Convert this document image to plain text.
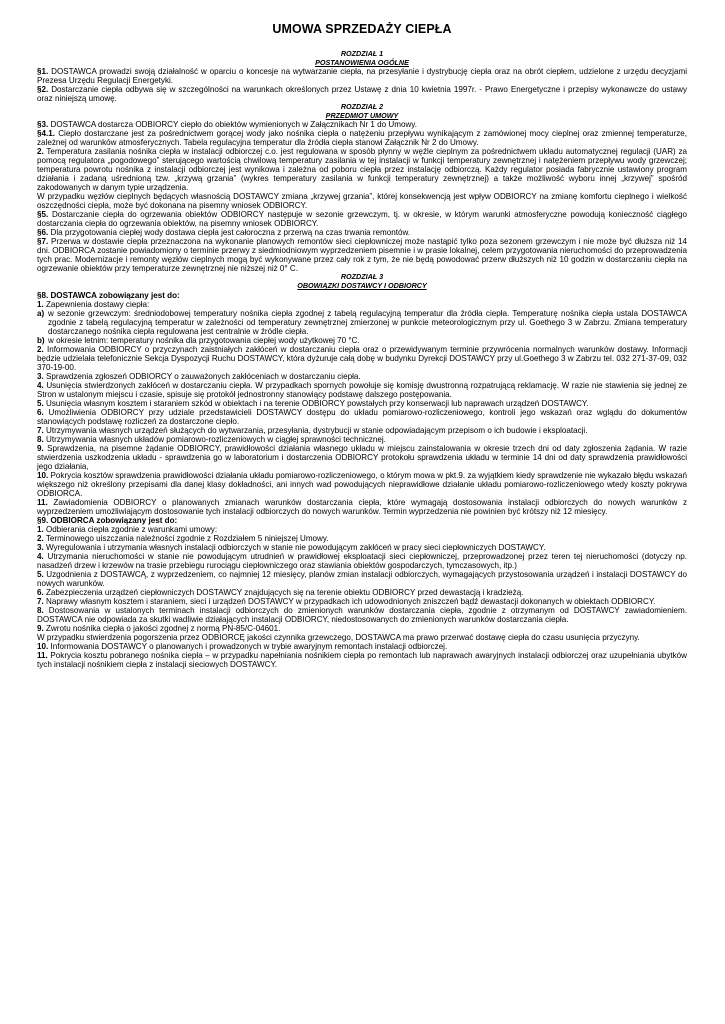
UMOWA SPRZEDAŻY CIEPŁA
ROZDZIAŁ 1
POSTANOWIENIA OGÓLNE

§1. DOSTAWCA prowadzi swoją działalność w oparciu o koncesje na wytwarzanie ciepła, na przesyłanie i dystrybucję ciepła oraz na obrót ciepłem, udzielone z urzędu decyzjami Prezesa Urzędu Regulacji Energetyki.

§2. Dostarczanie ciepła odbywa się w szczególności na warunkach określonych przez Ustawę z dnia 10 kwietnia 1997r. - Prawo Energetyczne i przepisy wykonawcze do ustawy oraz niniejszą umowę.

ROZDZIAŁ 2
PRZEDMIOT UMOWY

§3. DOSTAWCA dostarcza ODBIORCY ciepło do obiektów wymienionych w Załącznikach Nr 1 do Umowy.

§4.1. Ciepło dostarczane jest za pośrednictwem gorącej wody jako nośnika ciepła o natężeniu przepływu wynikającym z zamówionej mocy cieplnej oraz zmiennej temperaturze, zależnej od warunków atmosferycznych. Tabela regulacyjna temperatur dla źródła ciepła stanowi Załącznik Nr 2 do Umowy.

2. Temperatura zasilania nośnika ciepła w instalacji odbiorczej c.o. jest regulowana w sposób płynny w węźle cieplnym za pośrednictwem układu automatycznej regulacji (UAR) za pomocą regulatora „pogodowego” sterującego wartością chwilową temperatury zasilania w tej instalacji w funkcji temperatury zewnętrznej i natężeniem przepływu wody grzewczej; temperatura powrotu nośnika z instalacji odbiorczej jest wynikowa i zależna od poboru ciepła przez instalację odbiorczą. Każdy regulator posiada fabrycznie ustawiony program działania i zadaną uśrednioną tzw. „krzywą grzania” (wykres temperatury zasilania w funkcji temperatury zewnętrznej) a także możliwość wyboru innej „krzywej” spośród zakodowanych w danym typie urządzenia.

W przypadku węzłów cieplnych będących własnością DOSTAWCY zmiana „krzywej grzania”, której konsekwencją jest wpływ ODBIORCY na zmianę komfortu cieplnego i wielkość oszczędności ciepła, może być dokonana na pisemny wniosek ODBIORCY.

§5. Dostarczanie ciepła do ogrzewania obiektów ODBIORCY następuje w sezonie grzewczym, tj. w okresie, w którym warunki atmosferyczne powodują konieczność ciągłego dostarczania ciepła do ogrzewania obiektów, na pisemny wniosek ODBIORCY.

§6. Dla przygotowania ciepłej wody dostawa ciepła jest całoroczna z przerwą na czas trwania remontów.

§7. Przerwa w dostawie ciepła przeznaczona na wykonanie planowych remontów sieci ciepłowniczej może nastąpić tylko poza sezonem grzewczym i nie może być dłuższa niż 14 dni. ODBIORCA zostanie powiadomiony o terminie przerwy z siedmiodniowym wyprzedzeniem pisemnie i w prasie lokalnej, celem przygotowania nieruchomości do przeprowadzenia tych prac. Modernizacje i remonty węzłów cieplnych mogą być wykonywane przez cały rok z tym, że nie będą powodować przerw dłuższych niż 10 godzin w dostarczaniu ciepła na ogrzewanie obiektów przy temperaturze zewnętrznej nie niższej niż 0° C.

ROZDZIAŁ 3
OBOWIĄZKI DOSTAWCY I ODBIORCY

§8. DOSTAWCA zobowiązany jest do:

1. Zapewnienia dostawy ciepła:

a) w sezonie grzewczym: średniodobowej temperatury nośnika ciepła zgodnej z tabelą regulacyjną temperatur dla źródła ciepła. Temperaturę nośnika ciepła ustala DOSTAWCA zgodnie z tabelą regulacyjną temperatur w zależności od temperatury zewnętrznej zmierzonej w punkcie meteorologicznym przy ul. Goethego 3 w Zabrzu. Zmiana temperatury dostarczanego nośnika ciepła regulowana jest centralnie w źródle ciepła.

b) w okresie letnim: temperatury nośnika dla przygotowania ciepłej wody użytkowej 70 °C.

2. Informowania ODBIORCY o przyczynach zaistniałych zakłóceń w dostarczaniu ciepła oraz o przewidywanym terminie przywrócenia normalnych warunków dostawy. Informacji będzie udzielała telefonicznie Sekcja Dyspozycji Ruchu DOSTAWCY, która dyżuruje całą dobę w budynku Dyrekcji DOSTAWCY przy ul.Goethego 3 w Zabrzu tel. 032 271-37-09, 032 370-19-00.

3. Sprawdzenia zgłoszeń ODBIORCY o zauważonych zakłóceniach w dostarczaniu ciepła.

4. Usunięcia stwierdzonych zakłóceń w dostarczaniu ciepła. W przypadkach spornych powołuje się komisję dwustronną rozpatrującą reklamację. W razie nie stawienia się jednej ze Stron w ustalonym miejscu i czasie, spisuje się protokół jednostronny stanowiący podstawę dalszego postępowania.

5. Usunięcia własnym kosztem i staraniem szkód w obiektach i na terenie ODBIORCY powstałych przy konserwacji lub naprawach urządzeń DOSTAWCY.

6. Umożliwienia ODBIORCY przy udziale przedstawicieli DOSTAWCY dostępu do układu pomiarowo-rozliczeniowego, kontroli jego wskazań oraz wglądu do dokumentów stanowiących podstawę rozliczeń za dostarczone ciepło.

7. Utrzymywania własnych urządzeń służących do wytwarzania, przesyłania, dystrybucji w stanie odpowiadającym przepisom o ich budowie i eksploatacji.

8. Utrzymywania własnych układów pomiarowo-rozliczeniowych w ciągłej sprawności technicznej.

9. Sprawdzenia, na pisemne żądanie ODBIORCY, prawidłowości działania własnego układu w miejscu zainstalowania w okresie trzech dni od daty zgłoszenia żądania. W razie stwierdzenia uszkodzenia układu - sprawdzenia go w laboratorium i dostarczenia ODBIORCY protokołu sprawdzenia układu w terminie 14 dni od daty sprawdzenia prawidłowości jego działania,

10. Pokrycia kosztów sprawdzenia prawidłowości działania układu pomiarowo-rozliczeniowego, o którym mowa w pkt.9. za wyjątkiem kiedy sprawdzenie nie wykazało błędu wskazań większego niż określony przepisami dla danej klasy dokładności, ani innych wad powodujących nieprawidłowe działanie układu pomiarowo-rozliczeniowego wtedy koszty pokrywa ODBIORCA.

11. Zawiadomienia ODBIORCY o planowanych zmianach warunków dostarczania ciepła, które wymagają dostosowania instalacji odbiorczych do nowych warunków z wyprzedzeniem umożliwiającym dostosowanie tych instalacji odbiorczych do nowych warunków. Termin wyprzedzenia nie powinien być krótszy niż 12 miesięcy.

§9. ODBIORCA zobowiązany jest do:

1. Odbierania ciepła zgodnie z warunkami umowy:

2. Terminowego uiszczania należności zgodnie z Rozdziałem 5 niniejszej Umowy.

3. Wyregulowania i utrzymania własnych instalacji odbiorczych w stanie nie powodującym zakłóceń w pracy sieci ciepłowniczych DOSTAWCY.

4. Utrzymania nieruchomości w stanie nie powodującym utrudnień w prawidłowej eksploatacji sieci ciepłowniczej, przeprowadzonej przez teren tej nieruchomości (dotyczy np. nasadzeń drzew i krzewów na trasie przebiegu rurociągu ciepłowniczego oraz stawiania obiektów gospodarczych, tymczasowych, itp.)

5. Uzgodnienia z DOSTAWCĄ, z wyprzedzeniem, co najmniej 12 miesięcy, planów zmian instalacji odbiorczych, wymagających przystosowania urządzeń i instalacji DOSTAWCY do nowych warunków.

6. Zabezpieczenia urządzeń ciepłowniczych DOSTAWCY znajdujących się na terenie obiektu ODBIORCY przed dewastacją i kradzieżą.

7. Naprawy własnym kosztem i staraniem, sieci i urządzeń DOSTAWCY w przypadkach ich udowodnionych zniszczeń bądź dewastacji dokonanych w obiektach ODBIORCY.

8. Dostosowania w ustalonych terminach instalacji odbiorczych do zmienionych warunków dostarczania ciepła, zgodnie z otrzymanym od DOSTAWCY zawiadomieniem. DOSTAWCA nie odpowiada za skutki wadliwie działających instalacji ODBIORCY, niedostosowanych do zmienionych warunków dostarczania ciepła.

9. Zwrotu nośnika ciepła o jakości zgodnej z normą PN-85/C-04601.

W przypadku stwierdzenia pogorszenia przez ODBIORCĘ jakości czynnika grzewczego, DOSTAWCA ma prawo przerwać dostawę ciepła do czasu usunięcia przyczyny.

10. Informowania DOSTAWCY o planowanych i prowadzonych w trybie awaryjnym remontach instalacji odbiorczej.

11. Pokrycia kosztu pobranego nośnika ciepła – w przypadku napełniania nośnikiem ciepła po remontach lub naprawach awaryjnych instalacji odbiorczej oraz uzupełniania ubytków tych instalacji nośnikiem ciepła z instalacji sieciowych DOSTAWCY.
